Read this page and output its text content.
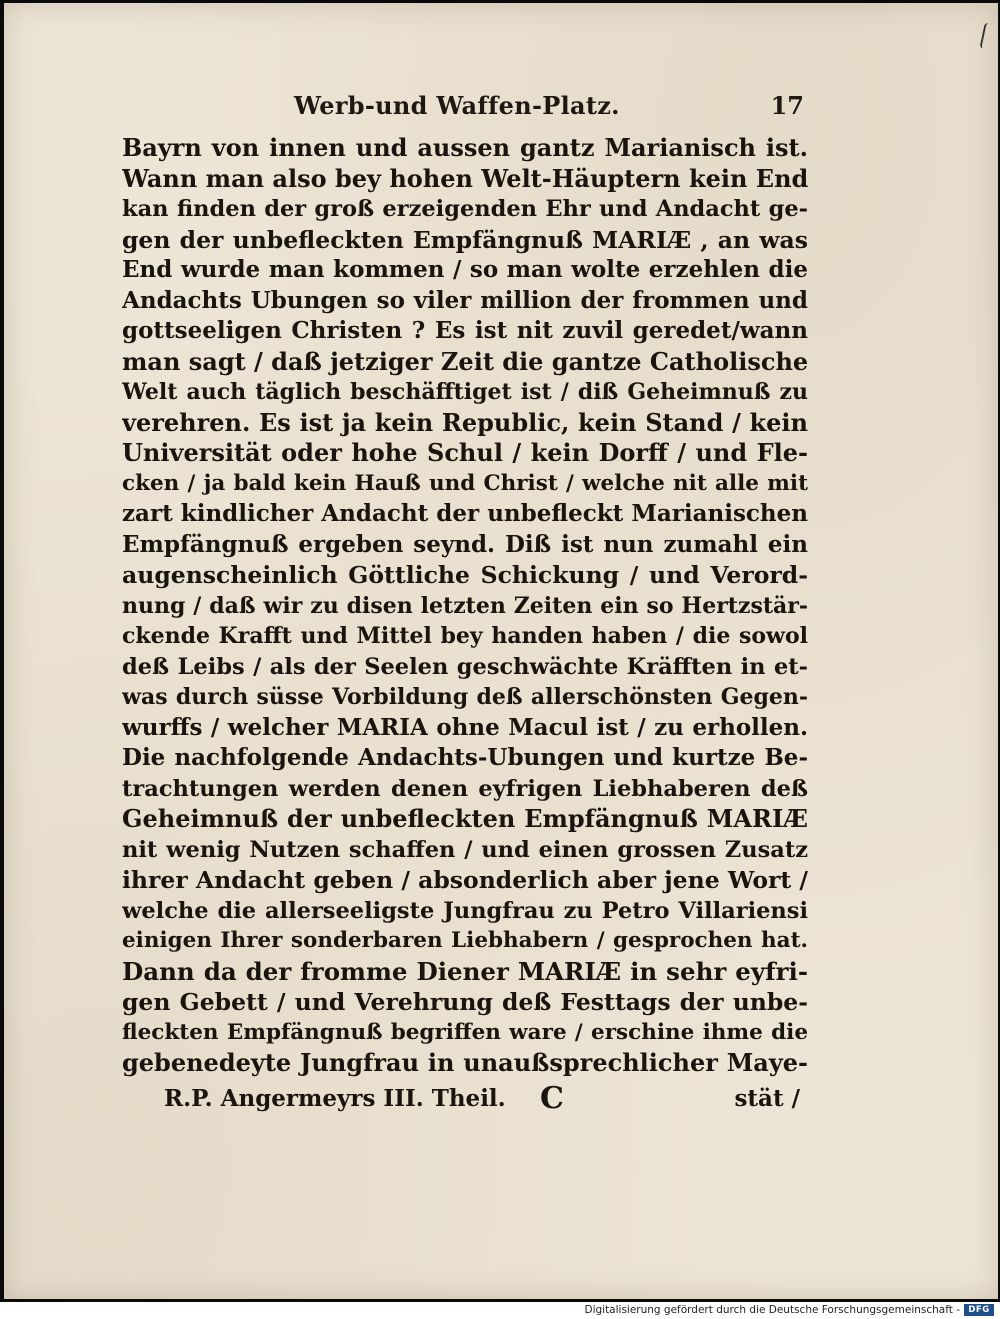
Werb-und Waffen-Platz.	17
Bayrn von innen und aussen gantz Marianisch ist.
Wann man also bey hohen Welt-Häuptern kein End
kan finden der groß erzeigenden Ehr und Andacht ge-
gen der unbefleckten Empfängnuß MARIÆ , an was
End wurde man kommen / so man wolte erzehlen die
Andachts Ubungen so viler million der frommen und
gottseeligen Christen ? Es ist nit zuvil geredet/wann
man sagt / daß jetziger Zeit die gantze Catholische
Welt auch täglich beschäfftiget ist / diß Geheimnuß zu
verehren. Es ist ja kein Republic, kein Stand / kein
Universität oder hohe Schul / kein Dorff / und Fle-
cken / ja bald kein Hauß und Christ / welche nit alle mit
zart kindlicher Andacht der unbefleckt Marianischen
Empfängnuß ergeben seynd. Diß ist nun zumahl ein
augenscheinlich Göttliche Schickung / und Verord-
nung / daß wir zu disen letzten Zeiten ein so Hertzstär-
ckende Krafft und Mittel bey handen haben / die sowol
deß Leibs / als der Seelen geschwächte Kräfften in et-
was durch süsse Vorbildung deß allerschönsten Gegen-
wurffs / welcher MARIA ohne Macul ist / zu erhollen.
Die nachfolgende Andachts-Ubungen und kurtze Be-
trachtungen werden denen eyfrigen Liebhaberen deß
Geheimnuß der unbefleckten Empfängnuß MARIÆ
nit wenig Nutzen schaffen / und einen grossen Zusatz
ihrer Andacht geben / absonderlich aber jene Wort /
welche die allerseeligste Jungfrau zu Petro Villariensi
einigen Ihrer sonderbaren Liebhabern / gesprochen hat.
Dann da der fromme Diener MARIÆ in sehr eyfri-
gen Gebett / und Verehrung deß Festtags der unbe-
fleckten Empfängnuß begriffen ware / erschine ihme die
gebenedeyte Jungfrau in unaußsprechlicher Maye-
R.P. Angermeyrs III. Theil. C	stät /
Digitalisierung gefördert durch die Deutsche Forschungsgemeinschaft - DFG
